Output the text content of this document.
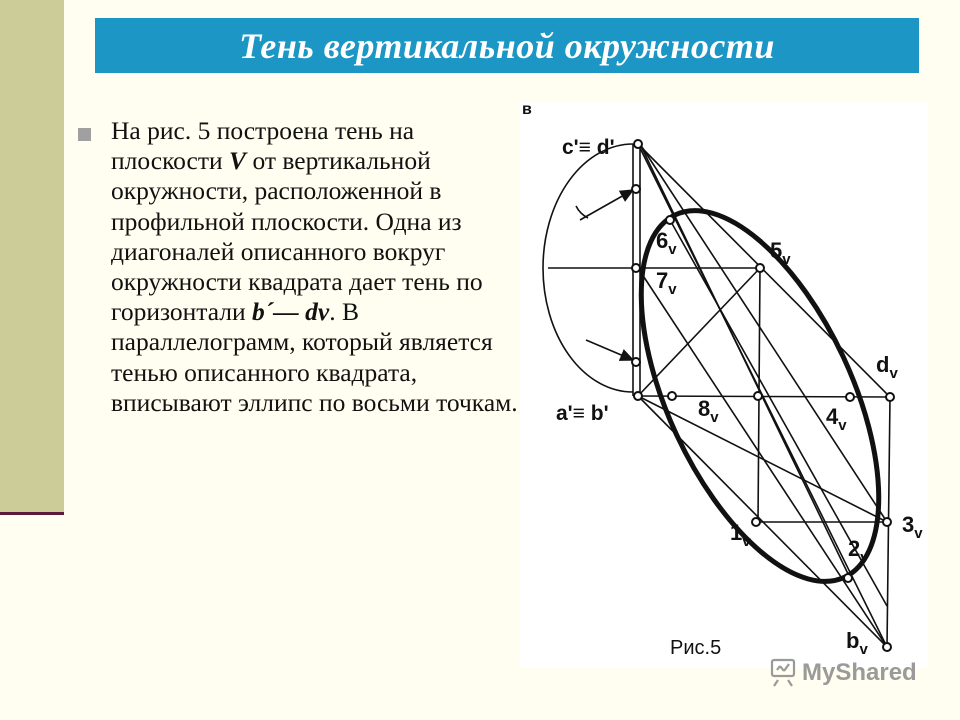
Тень вертикальной окружности
На рис. 5 построена тень на плоскости V от вертикальной окружности, расположенной в профильной плоскости. Одна из диагоналей описанного вокруг окружности квадрата дает тень по горизонтали b´— dv. В параллелограмм, который является тенью описанного квадрата, вписывают эллипс по восьми точкам.
в
c'≡ d'
a'≡ b'
$5_v$
$6_v$
$7_v$
$8_v$	$4_v$
$d_v$
$3_v$
$2_v$
$1_v$
$b_v$
Рис.5
MyShared
